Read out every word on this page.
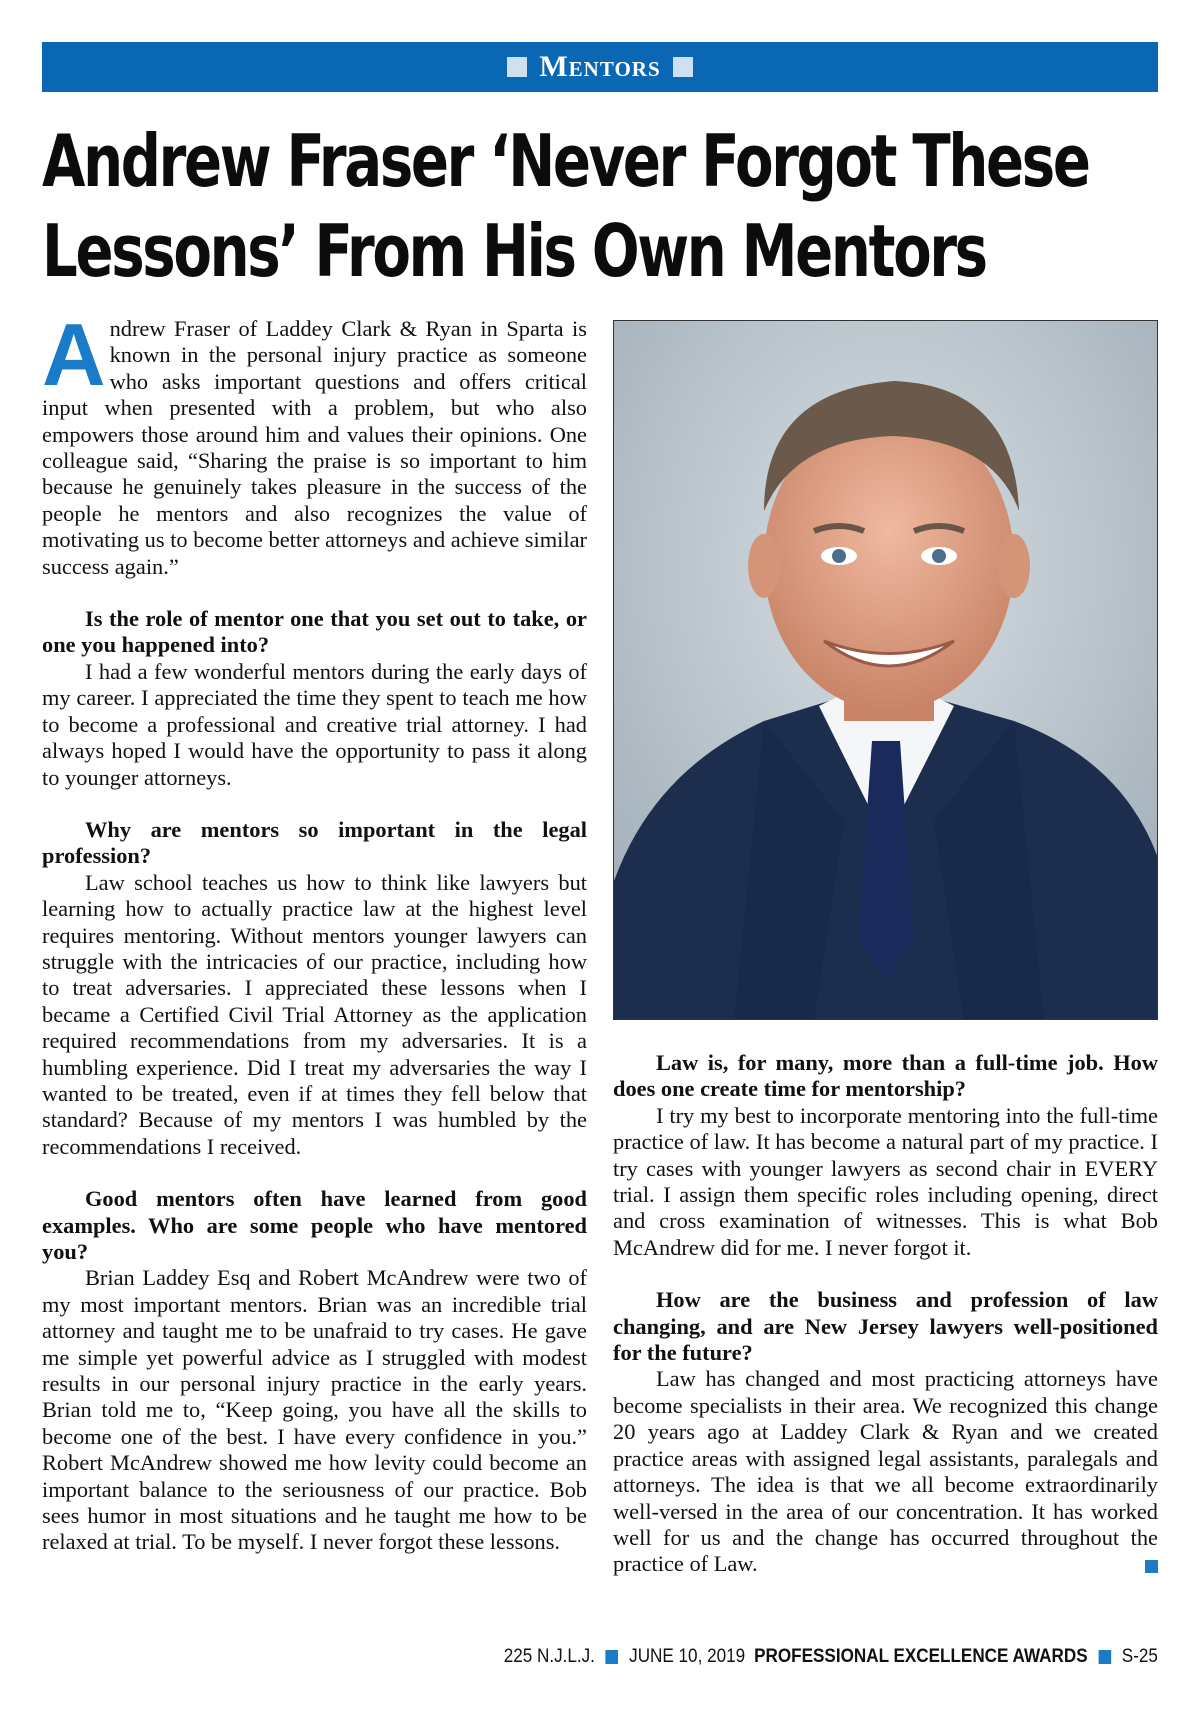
Mentors
Andrew Fraser ‘Never Forgot These
Lessons’ From His Own Mentors

Andrew Fraser of Laddey Clark & Ryan in Sparta is known in the personal injury practice as someone who asks important questions and offers critical input when presented with a problem, but who also empowers those around him and values their opinions. One colleague said, “Sharing the praise is so important to him because he genuinely takes pleasure in the success of the people he mentors and also recognizes the value of motivating us to become better attorneys and achieve similar success again.”

Is the role of mentor one that you set out to take, or one you happened into?

I had a few wonderful mentors during the early days of my career. I appreciated the time they spent to teach me how to become a professional and creative trial attorney. I had always hoped I would have the opportunity to pass it along to younger attorneys.

Why are mentors so important in the legal profession?

Law school teaches us how to think like lawyers but learning how to actually practice law at the highest level requires mentoring. Without mentors younger lawyers can struggle with the intricacies of our practice, including how to treat adversaries. I appreciated these lessons when I became a Certified Civil Trial Attorney as the application required recommendations from my adversaries. It is a humbling experience. Did I treat my adversaries the way I wanted to be treated, even if at times they fell below that standard? Because of my mentors I was humbled by the recommendations I received.

Good mentors often have learned from good examples. Who are some people who have mentored you?

Brian Laddey Esq and Robert McAndrew were two of my most important mentors. Brian was an incredible trial attorney and taught me to be unafraid to try cases. He gave me simple yet powerful advice as I struggled with modest results in our personal injury practice in the early years. Brian told me to, “Keep going, you have all the skills to become one of the best. I have every confidence in you.” Robert McAndrew showed me how levity could become an important balance to the seriousness of our practice. Bob sees humor in most situations and he taught me how to be relaxed at trial. To be myself. I never forgot these lessons.

Law is, for many, more than a full-time job. How does one create time for mentorship?

I try my best to incorporate mentoring into the full-time practice of law. It has become a natural part of my practice. I try cases with younger lawyers as second chair in EVERY trial. I assign them specific roles including opening, direct and cross examination of witnesses. This is what Bob McAndrew did for me. I never forgot it.

How are the business and profession of law changing, and are New Jersey lawyers well-positioned for the future?

Law has changed and most practicing attorneys have become specialists in their area. We recognized this change 20 years ago at Laddey Clark & Ryan and we created practice areas with assigned legal assistants, paralegals and attorneys. The idea is that we all become extraordinarily well-versed in the area of our concentration. It has worked well for us and the change has occurred throughout the practice of Law.

225 N.J.L.J. JUNE 10, 2019 PROFESSIONAL EXCELLENCE AWARDS S-25
